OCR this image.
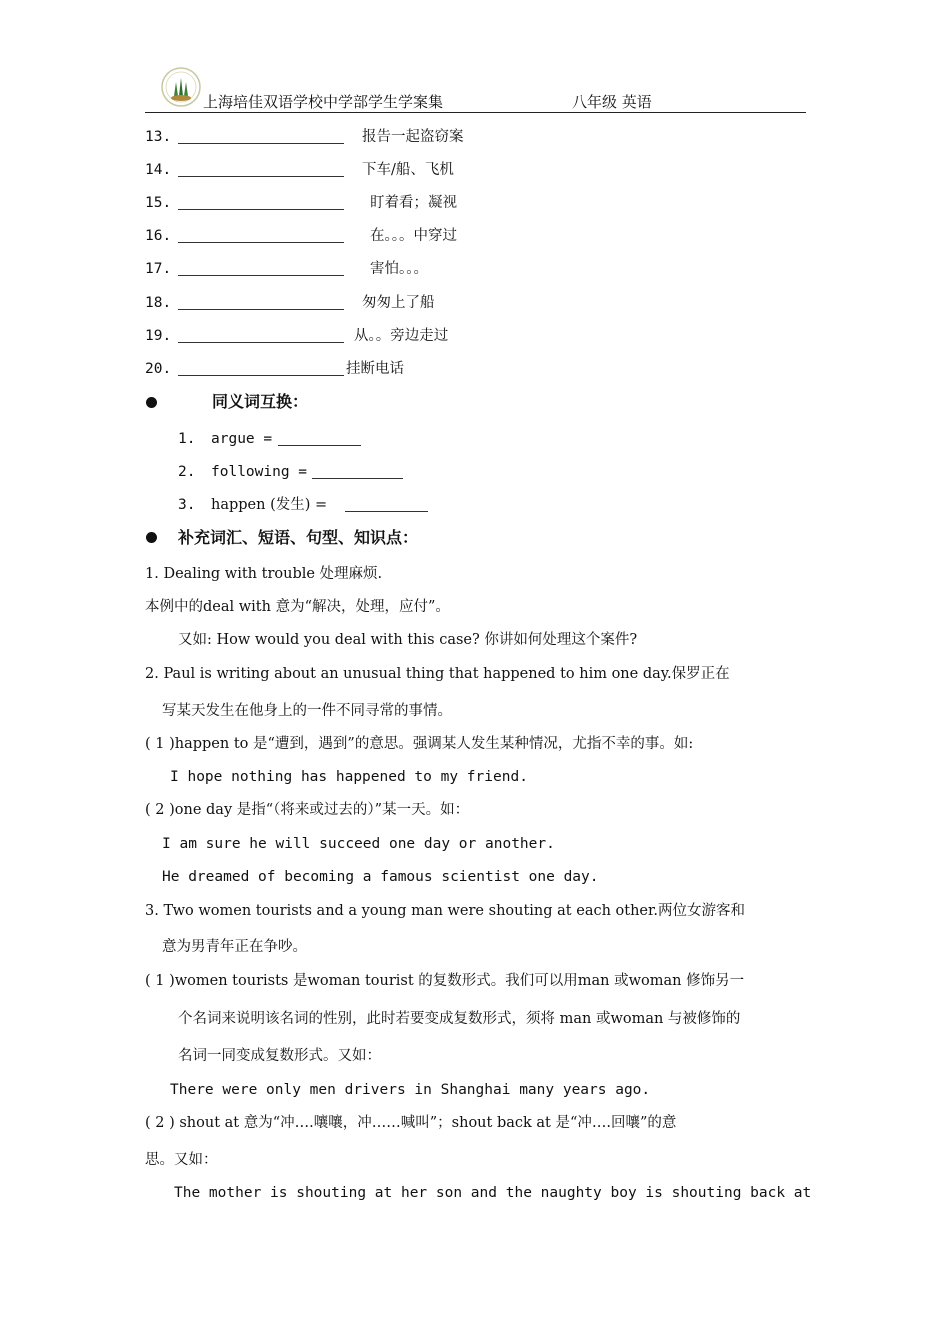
上海培佳双语学校中学部学生学案集	八年级 英语
13.	报告一起盗窃案
14.	下车/船、飞机
15.	盯着看；凝视
16.	在。。。中穿过
17.	害怕。。。
18.	匆匆上了船
19.	从。。旁边走过
20.	挂断电话
同义词互换：
1. argue =
2. following =
3. happen (发生) =
补充词汇、短语、句型、知识点：
1. Dealing with trouble 处理麻烦.
本例中的deal with 意为“解决，处理，应付”。
又如: How would you deal with this case? 你讲如何处理这个案件?
2. Paul is writing about an unusual thing that happened to him one day.保罗正在
写某天发生在他身上的一件不同寻常的事情。
( 1 )happen to 是“遭到，遇到”的意思。强调某人发生某种情况，尤指不幸的事。如:
I hope nothing has happened to my friend.
( 2 )one day 是指“（将来或过去的）”某一天。如：
I am sure he will succeed one day or another.
He dreamed of becoming a famous scientist one day.
3. Two women tourists and a young man were shouting at each other.两位女游客和
意为男青年正在争吵。
( 1 )women tourists 是woman tourist 的复数形式。我们可以用man 或woman 修饰另一
个名词来说明该名词的性别，此时若要变成复数形式，须将 man 或woman 与被修饰的
名词一同变成复数形式。又如：
There were only men drivers in Shanghai many years ago.
( 2 ) shout at 意为“冲….嚷嚷，冲……喊叫”；shout back at 是“冲….回嚷”的意
思。又如：
The mother is shouting at her son and the naughty boy is shouting back at
